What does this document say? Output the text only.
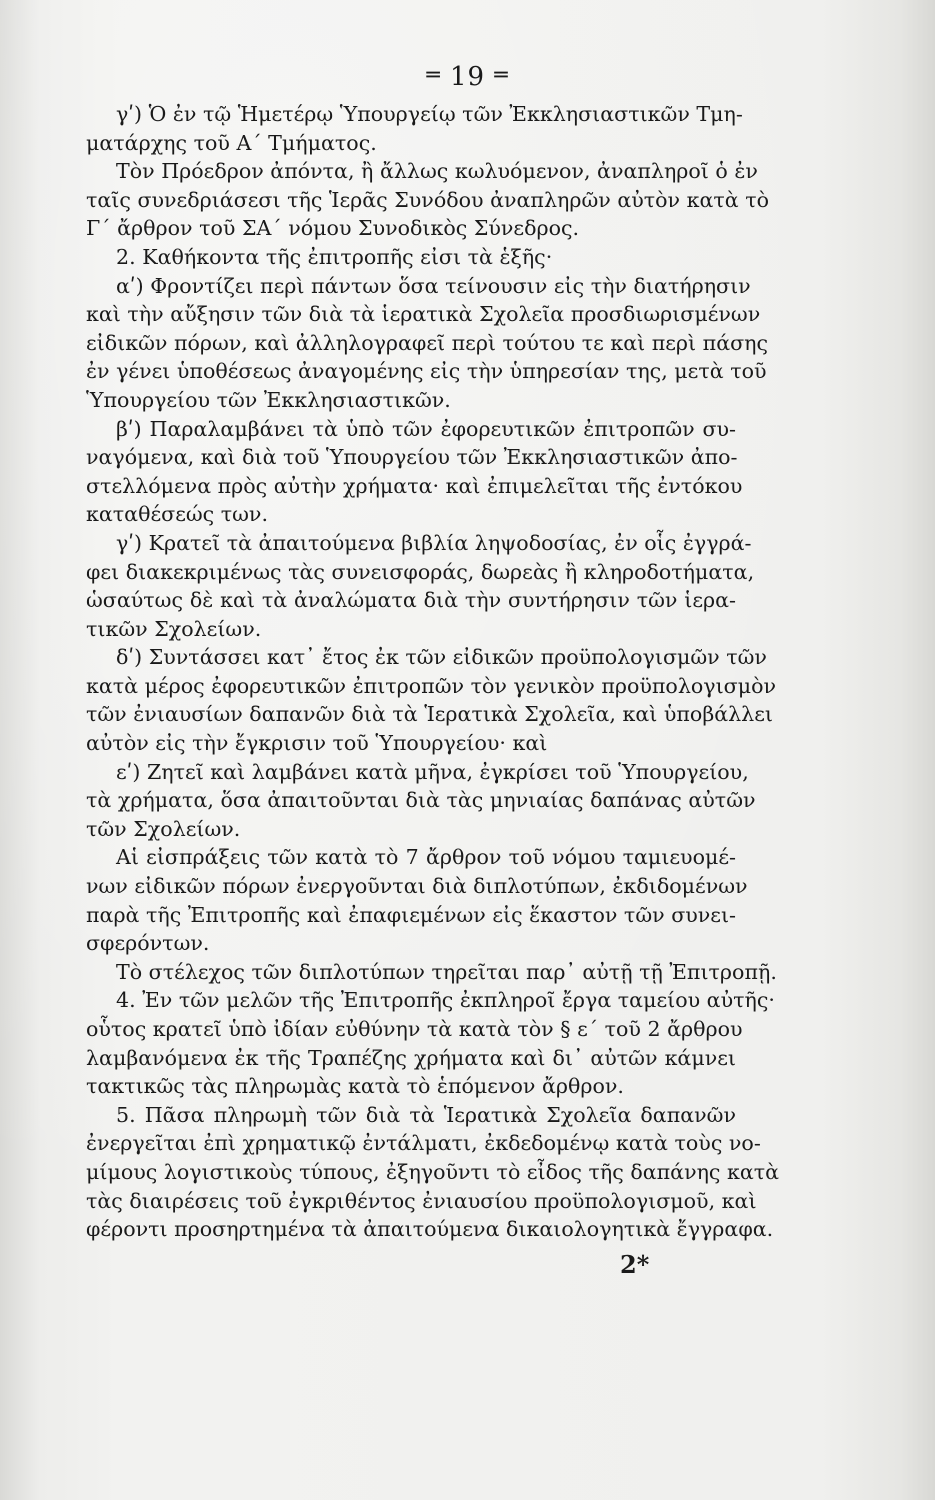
═ 19 ═
γʹ) Ὁ ἐν τῷ Ἡμετέρῳ Ὑπουργείῳ τῶν Ἐκκλησιαστικῶν Τμη-
ματάρχης τοῦ Α΄ Τμήματος.
Τὸν Πρόεδρον ἀπόντα, ἢ ἄλλως κωλυόμενον, ἀναπληροῖ ὁ ἐν
ταῖς συνεδριάσεσι τῆς Ἱερᾶς Συνόδου ἀναπληρῶν αὐτὸν κατὰ τὸ
Γ΄ ἄρθρον τοῦ ΣΑ΄ νόμου Συνοδικὸς Σύνεδρος.
2. Καθήκοντα τῆς ἐπιτροπῆς εἰσι τὰ ἑξῆς·
αʹ) Φροντίζει περὶ πάντων ὅσα τείνουσιν εἰς τὴν διατήρησιν
καὶ τὴν αὔξησιν τῶν διὰ τὰ ἱερατικὰ Σχολεῖα προσδιωρισμένων
εἰδικῶν πόρων, καὶ ἀλληλογραφεῖ περὶ τούτου τε καὶ περὶ πάσης
ἐν γένει ὑποθέσεως ἀναγομένης εἰς τὴν ὑπηρεσίαν της, μετὰ τοῦ
Ὑπουργείου τῶν Ἐκκλησιαστικῶν.
βʹ) Παραλαμβάνει τὰ ὑπὸ τῶν ἐφορευτικῶν ἐπιτροπῶν συ-
ναγόμενα, καὶ διὰ τοῦ Ὑπουργείου τῶν Ἐκκλησιαστικῶν ἀπο-
στελλόμενα πρὸς αὐτὴν χρήματα· καὶ ἐπιμελεῖται τῆς ἐντόκου
καταθέσεώς των.
γʹ) Κρατεῖ τὰ ἀπαιτούμενα βιβλία ληψοδοσίας, ἐν οἷς ἐγγρά-
φει διακεκριμένως τὰς συνεισφοράς, δωρεὰς ἢ κληροδοτήματα,
ὡσαύτως δὲ καὶ τὰ ἀναλώματα διὰ τὴν συντήρησιν τῶν ἱερα-
τικῶν Σχολείων.
δʹ) Συντάσσει κατ᾽ ἔτος ἐκ τῶν εἰδικῶν προϋπολογισμῶν τῶν
κατὰ μέρος ἐφορευτικῶν ἐπιτροπῶν τὸν γενικὸν προϋπολογισμὸν
τῶν ἐνιαυσίων δαπανῶν διὰ τὰ Ἱερατικὰ Σχολεῖα, καὶ ὑποβάλλει
αὐτὸν εἰς τὴν ἔγκρισιν τοῦ Ὑπουργείου· καὶ
εʹ) Ζητεῖ καὶ λαμβάνει κατὰ μῆνα, ἐγκρίσει τοῦ Ὑπουργείου,
τὰ χρήματα, ὅσα ἀπαιτοῦνται διὰ τὰς μηνιαίας δαπάνας αὐτῶν
τῶν Σχολείων.
Αἱ εἰσπράξεις τῶν κατὰ τὸ 7 ἄρθρον τοῦ νόμου ταμιευομέ-
νων εἰδικῶν πόρων ἐνεργοῦνται διὰ διπλοτύπων, ἐκδιδομένων
παρὰ τῆς Ἐπιτροπῆς καὶ ἐπαφιεμένων εἰς ἕκαστον τῶν συνει-
σφερόντων.
Τὸ στέλεχος τῶν διπλοτύπων τηρεῖται παρ᾽ αὐτῇ τῇ Ἐπιτροπῇ.
4. Ἐν τῶν μελῶν τῆς Ἐπιτροπῆς ἐκπληροῖ ἔργα ταμείου αὐτῆς·
οὗτος κρατεῖ ὑπὸ ἰδίαν εὐθύνην τὰ κατὰ τὸν § ε΄ τοῦ 2 ἄρθρου
λαμβανόμενα ἐκ τῆς Τραπέζης χρήματα καὶ δι᾽ αὐτῶν κάμνει
τακτικῶς τὰς πληρωμὰς κατὰ τὸ ἑπόμενον ἄρθρον.
5. Πᾶσα πληρωμὴ τῶν διὰ τὰ Ἱερατικὰ Σχολεῖα δαπανῶν
ἐνεργεῖται ἐπὶ χρηματικῷ ἐντάλματι, ἐκδεδομένῳ κατὰ τοὺς νο-
μίμους λογιστικοὺς τύπους, ἐξηγοῦντι τὸ εἶδος τῆς δαπάνης κατὰ
τὰς διαιρέσεις τοῦ ἐγκριθέντος ἐνιαυσίου προϋπολογισμοῦ, καὶ
φέροντι προσηρτημένα τὰ ἀπαιτούμενα δικαιολογητικὰ ἔγγραφα.
2*
